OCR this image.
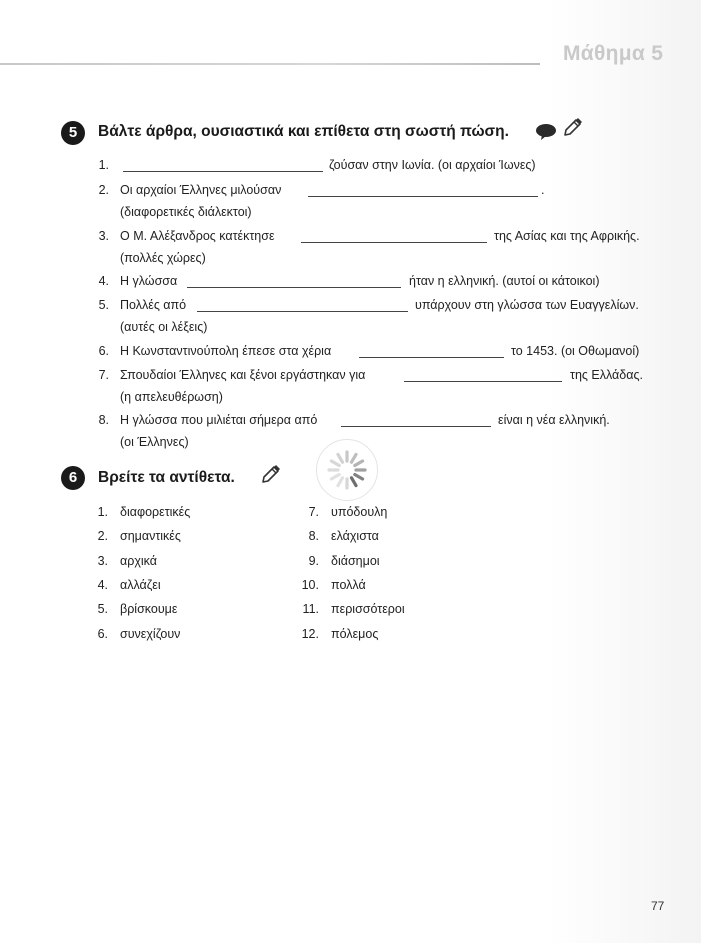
Μάθημα 5
5	Βάλτε άρθρα, ουσιαστικά και επίθετα στη σωστή πώση.
1.	ζούσαν στην Ιωνία. (οι αρχαίοι Ίωνες)
2. Οι αρχαίοι Έλληνες μιλούσαν	.
(διαφορετικές διάλεκτοι)
3. Ο Μ. Αλέξανδρος κατέκτησε	της Ασίας και της Αφρικής.
(πολλές χώρες)
4. Η γλώσσα	ήταν η ελληνική. (αυτοί οι κάτοικοι)
5. Πολλές από	υπάρχουν στη γλώσσα των Ευαγγελίων.
(αυτές οι λέξεις)
6. Η Κωνσταντινούπολη έπεσε στα χέρια	το 1453. (οι Οθωμανοί)
7. Σπουδαίοι Έλληνες και ξένοι εργάστηκαν για	της Ελλάδας.
(η απελευθέρωση)
8. Η γλώσσα που μιλιέται σήμερα από	είναι η νέα ελληνική.
(οι Έλληνες)
6	Βρείτε τα αντίθετα.
1. διαφορετικές
2. σημαντικές
3. αρχικά
4. αλλάζει
5. βρίσκουμε
6. συνεχίζουν
7. υπόδουλη
8. ελάχιστα
9. διάσημοι
10. πολλά
11. περισσότεροι
12. πόλεμος
77
